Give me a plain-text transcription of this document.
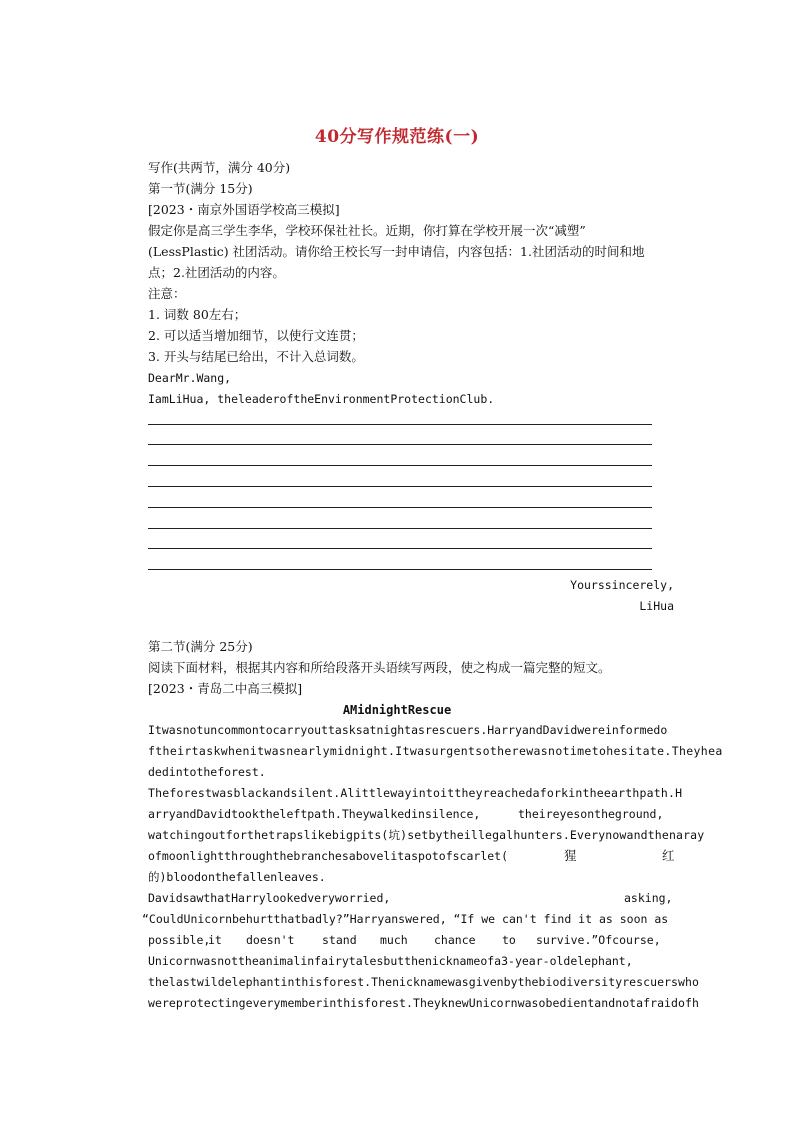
40分写作规范练(一)
写作(共两节，满分 40分)
第一节(满分 15分)
[2023・南京外国语学校高三模拟]
假定你是高三学生李华，学校环保社社长。近期，你打算在学校开展一次“减塑”
(LessPlastic) 社团活动。请你给王校长写一封申请信，内容包括：1.社团活动的时间和地
点；2.社团活动的内容。
注意：
1. 词数 80左右；
2. 可以适当增加细节，以使行文连贯；
3. 开头与结尾已给出，不计入总词数。
DearMr.Wang,
IamLiHua, theleaderoftheEnvironmentProtectionClub.
Yourssincerely,
LiHua
第二节(满分 25分)
阅读下面材料，根据其内容和所给段落开头语续写两段，使之构成一篇完整的短文。
[2023・青岛二中高三模拟]
AMidnightRescue
Itwasnotuncommontocarryouttasksatnightasrescuers.HarryandDavidwereinformedo
ftheirtaskwhenitwasnearlymidnight.Itwasurgentsotherewasnotimetohesitate.Theyhea
dedintotheforest.
Theforestwasblackandsilent.Alittlewayintoittheyreachedaforkintheearthpath.H
arryandDavidtooktheleftpath.Theywalkedinsilence,	theireyesontheground,
watchingoutforthetrapslikebigpits(坑)setbytheillegalhunters.Everynowandthenaray
ofmoonlightthroughthebranchesabovelitaspotofscarlet(	猩	红
的)bloodonthefallenleaves.
DavidsawthatHarrylookedveryworried,	asking,
“CouldUnicornbehurtthatbadly?”Harryanswered, “If we can't find it as soon as
possible,
it doesn't stand much chance to survive.”Ofcourse,
Unicornwasnottheanimalinfairytalesbutthenicknameofa3-year-oldelephant,
thelastwildelephantinthisforest.Thenicknamewasgivenbythebiodiversityrescuerswho
wereprotectingeverymemberinthisforest.TheyknewUnicornwasobedientandnotafraidofh
